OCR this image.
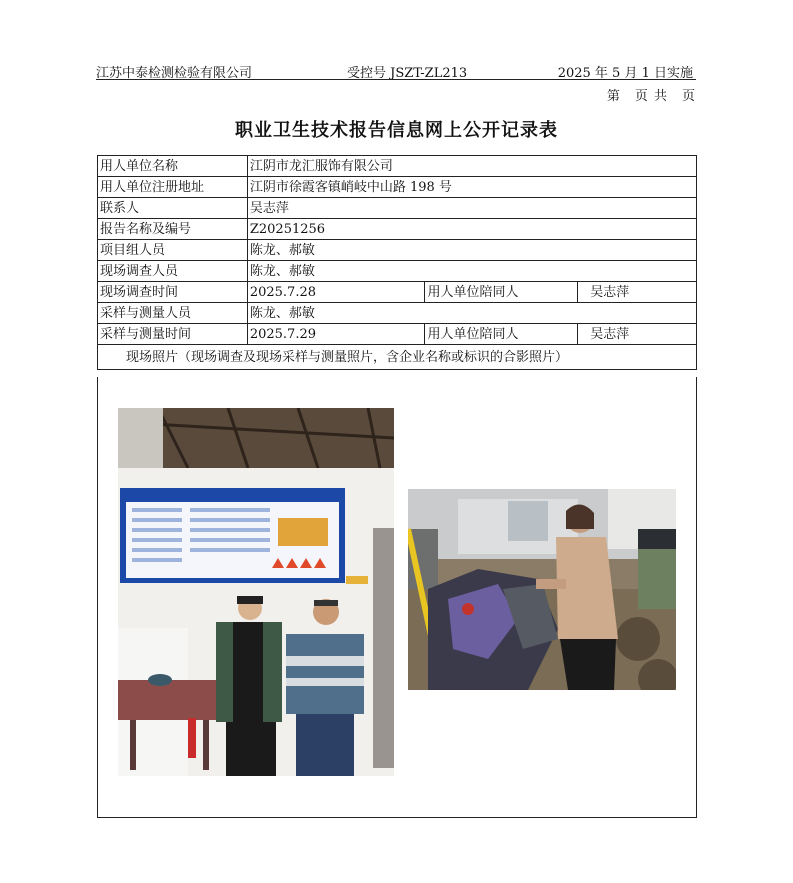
江苏中泰检测检验有限公司	受控号 JSZT-ZL213	2025 年 5 月 1 日实施
第　页 共　页
职业卫生技术报告信息网上公开记录表
用人单位名称	江阴市龙汇服饰有限公司		
用人单位注册地址	江阴市徐霞客镇峭岐中山路 198 号		
联系人	吴志萍		
报告名称及编号	Z20251256		
项目组人员	陈龙、郝敏		
现场调查人员	陈龙、郝敏		
现场调查时间	2025.7.28	用人单位陪同人	吴志萍
采样与测量人员	陈龙、郝敏		
采样与测量时间	2025.7.29	用人单位陪同人	吴志萍
现场照片（现场调查及现场采样与测量照片，含企业名称或标识的合影照片）			
